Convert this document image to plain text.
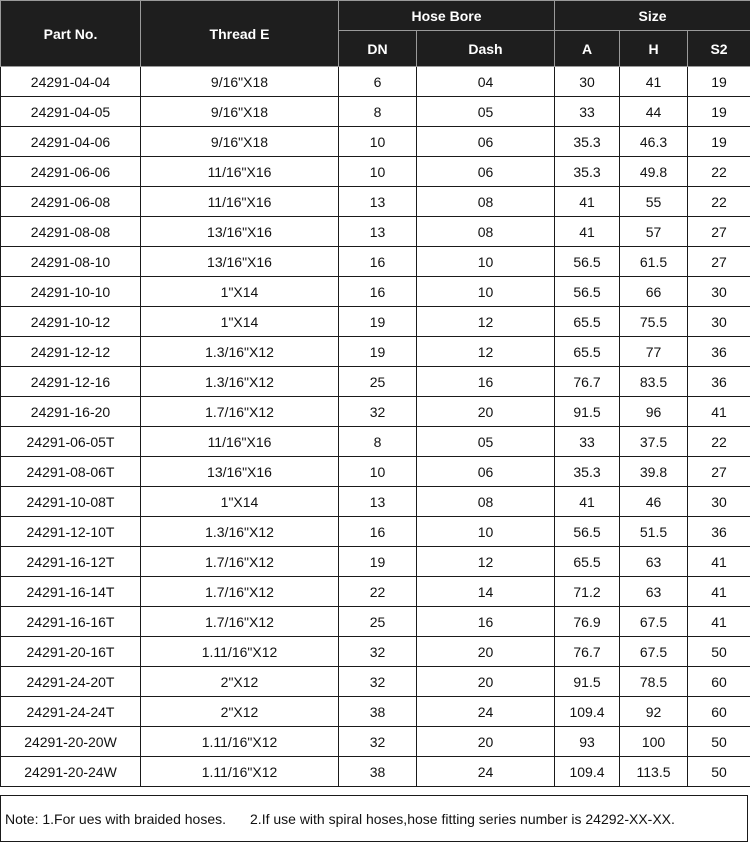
Part No.	Thread E	Hose Bore		Size		
		DN	Dash	A	H	S2
24291-04-04	9/16"X18	6	04	30	41	19
24291-04-05	9/16"X18	8	05	33	44	19
24291-04-06	9/16"X18	10	06	35.3	46.3	19
24291-06-06	11/16"X16	10	06	35.3	49.8	22
24291-06-08	11/16"X16	13	08	41	55	22
24291-08-08	13/16"X16	13	08	41	57	27
24291-08-10	13/16"X16	16	10	56.5	61.5	27
24291-10-10	1"X14	16	10	56.5	66	30
24291-10-12	1"X14	19	12	65.5	75.5	30
24291-12-12	1.3/16"X12	19	12	65.5	77	36
24291-12-16	1.3/16"X12	25	16	76.7	83.5	36
24291-16-20	1.7/16"X12	32	20	91.5	96	41
24291-06-05T	11/16"X16	8	05	33	37.5	22
24291-08-06T	13/16"X16	10	06	35.3	39.8	27
24291-10-08T	1"X14	13	08	41	46	30
24291-12-10T	1.3/16"X12	16	10	56.5	51.5	36
24291-16-12T	1.7/16"X12	19	12	65.5	63	41
24291-16-14T	1.7/16"X12	22	14	71.2	63	41
24291-16-16T	1.7/16"X12	25	16	76.9	67.5	41
24291-20-16T	1.11/16"X12	32	20	76.7	67.5	50
24291-24-20T	2"X12	32	20	91.5	78.5	60
24291-24-24T	2"X12	38	24	109.4	92	60
24291-20-20W	1.11/16"X12	32	20	93	100	50
24291-20-24W	1.11/16"X12	38	24	109.4	113.5	50
Note: 1.For ues with braided hoses. 2.If use with spiral hoses,hose fitting series number is 24292-XX-XX.
